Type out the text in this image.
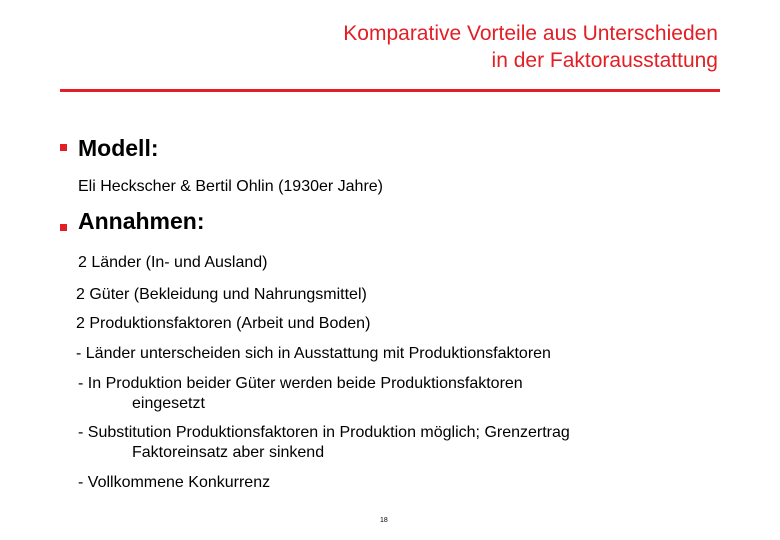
Komparative Vorteile aus Unterschieden
in der Faktorausstattung
Modell:

Eli Heckscher & Bertil Ohlin (1930er Jahre)

Annahmen:

2 Länder (In- und Ausland)

2 Güter (Bekleidung und Nahrungsmittel)

2 Produktionsfaktoren (Arbeit und Boden)

- Länder unterscheiden sich in Ausstattung mit Produktionsfaktoren

- In Produktion beider Güter werden beide Produktionsfaktoren

eingesetzt

- Substitution Produktionsfaktoren in Produktion möglich; Grenzertrag

Faktoreinsatz aber sinkend

- Vollkommene Konkurrenz

18
